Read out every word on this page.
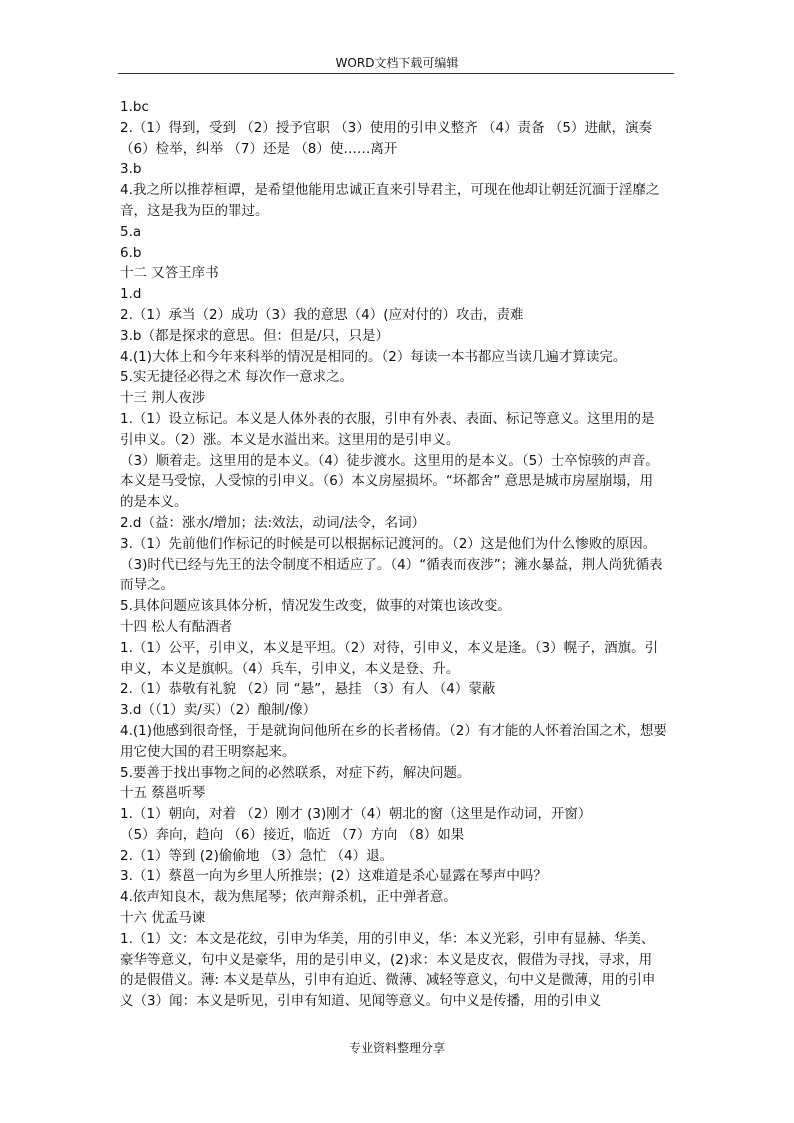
WORD文档下载可编辑
1.bc
2.（1）得到，受到 （2）授予官职 （3）使用的引申义整齐 （4）责备 （5）进献，演奏
（6）检举，纠举 （7）还是 （8）使……离开
3.b
4.我之所以推荐桓谭，是希望他能用忠诚正直来引导君主，可现在他却让朝廷沉湎于淫靡之
音，这是我为臣的罪过。
5.a
6.b
十二 又答王庠书
1.d
2.（1）承当（2）成功（3）我的意思（4）(应对付的）攻击，责难
3.b（都是探求的意思。但：但是/只，只是）
4.(1)大体上和今年来科举的情况是相同的。（2）每读一本书都应当读几遍才算读完。
5.实无捷径必得之术 每次作一意求之。
十三 荆人夜涉
1.（1）设立标记。本义是人体外表的衣服，引申有外表、表面、标记等意义。这里用的是
引申义。（2）涨。本义是水溢出来。这里用的是引申义。
（3）顺着走。这里用的是本义。（4）徒步渡水。这里用的是本义。（5）士卒惊骇的声音。
本义是马受惊，人受惊的引申义。（6）本义房屋损坏。“坏都舍” 意思是城市房屋崩塌，用
的是本义。
2.d（益：涨水/增加；法:效法，动词/法令，名词）
3.（1）先前他们作标记的时候是可以根据标记渡河的。（2）这是他们为什么惨败的原因。
（3)时代已经与先王的法令制度不相适应了。（4）“循表而夜涉”；澭水暴益，荆人尚犹循表
而导之。
5.具体问题应该具体分析，情况发生改变，做事的对策也该改变。
十四 松人有酤酒者
1.（1）公平，引申义，本义是平坦。（2）对待，引申义，本义是逢。（3）幌子，酒旗。引
申义，本义是旗帜。（4）兵车，引申义，本义是登、升。
2.（1）恭敬有礼貌 （2）同 “悬”，悬挂 （3）有人 （4）蒙蔽
3.d（（1）卖/买）（2）酿制/像）
4.(1)他感到很奇怪，于是就询问他所在乡的长者杨倩。（2）有才能的人怀着治国之术，想要
用它使大国的君王明察起来。
5.要善于找出事物之间的必然联系，对症下药，解决问题。
十五 蔡邕听琴
1.（1）朝向，对着 （2）刚才 (3)刚才（4）朝北的窗（这里是作动词，开窗）
（5）奔向，趋向 （6）接近，临近 （7）方向 （8）如果
2.（1）等到 (2)偷偷地 （3）急忙 （4）退。
3.（1）蔡邕一向为乡里人所推崇；(2）这难道是杀心显露在琴声中吗？
4.依声知良木，裁为焦尾琴；依声辩杀机，正中弹者意。
十六 优孟马谏
1.（1）文：本文是花纹，引申为华美，用的引申义，华：本义光彩，引申有显赫、华美、
豪华等意义，句中义是豪华，用的是引申义，(2)求：本义是皮衣，假借为寻找，寻求，用
的是假借义。薄: 本义是草丛，引申有迫近、微薄、减轻等意义，句中义是微薄，用的引申
义（3）闻：本义是听见，引申有知道、见闻等意义。句中义是传播，用的引申义
专业资料整理分享
